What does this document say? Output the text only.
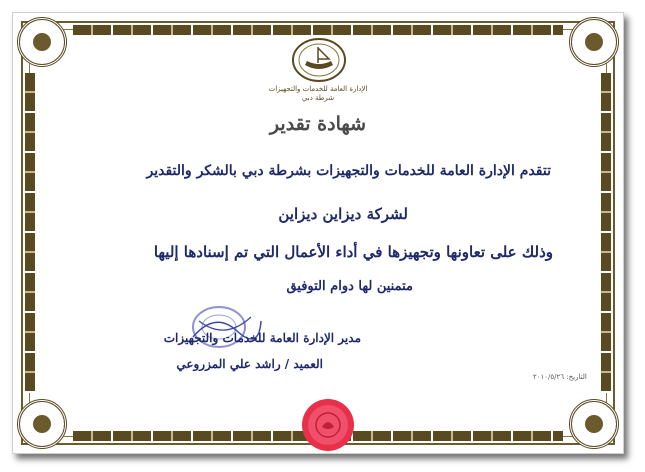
الإدارة العامة للخدمات والتجهيزات
شرطة دبي
شهادة تقدير
تتقدم الإدارة العامة للخدمات والتجهيزات بشرطة دبي بالشكر والتقدير
لشركة ديزاين ديزاين
وذلك على تعاونها وتجهيزها في أداء الأعمال التي تم إسنادها إليها
متمنين لها دوام التوفيق
مدير الإدارة العامة للخدمات والتجهيزات
العميد / راشد علي المزروعي
التاريخ: ٢٠١٠/٥/٢٦
